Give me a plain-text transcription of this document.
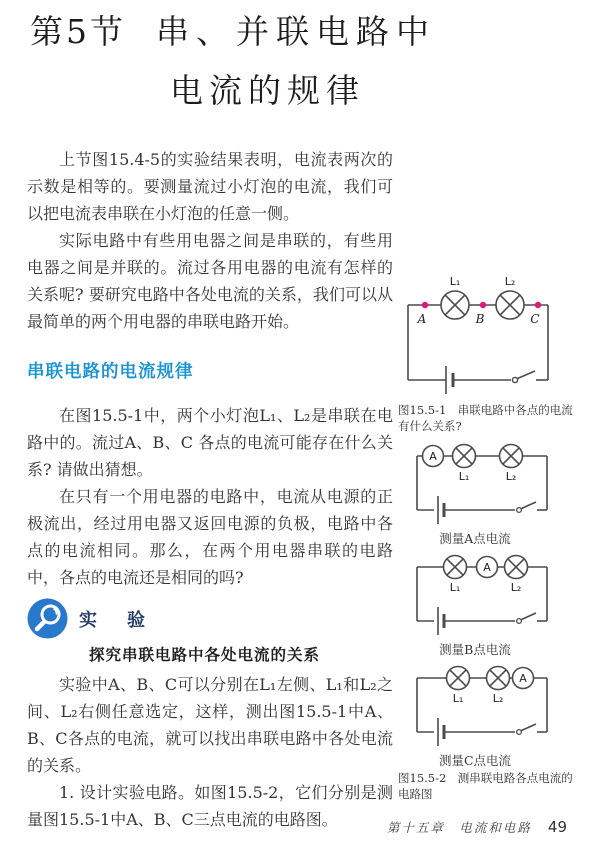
第5节 串、并联电路中
电流的规律

上节图15.4-5的实验结果表明，电流表两次的示数是相等的。要测量流过小灯泡的电流，我们可以把电流表串联在小灯泡的任意一侧。

实际电路中有些用电器之间是串联的，有些用电器之间是并联的。流过各用电器的电流有怎样的关系呢? 要研究电路中各处电流的关系，我们可以从最简单的两个用电器的串联电路开始。

串联电路的电流规律

在图15.5-1中，两个小灯泡L₁、L₂是串联在电路中的。流过A、B、C 各点的电流可能存在什么关系? 请做出猜想。

在只有一个用电器的电路中，电流从电源的正极流出，经过用电器又返回电源的负极，电路中各点的电流相同。那么，在两个用电器串联的电路中，各点的电流还是相同的吗?

实　验
探究串联电路中各处电流的关系

实验中A、B、C可以分别在L₁左侧、L₁和L₂之间、L₂右侧任意选定，这样，测出图15.5-1中A、B、C各点的电流，就可以找出串联电路中各处电流的关系。

1. 设计实验电路。如图15.5-2，它们分别是测量图15.5-1中A、B、C三点电流的电路图。

L₁	L₂
A	B	C
图15.5-1　串联电路中各点的电流有什么关系?
A
L₁	L₂
测量A点电流
A
L₁	L₂
测量B点电流
A
L₁	L₂
测量C点电流
图15.5-2　测串联电路各点电流的电路图
第十五章　电流和电路 49
